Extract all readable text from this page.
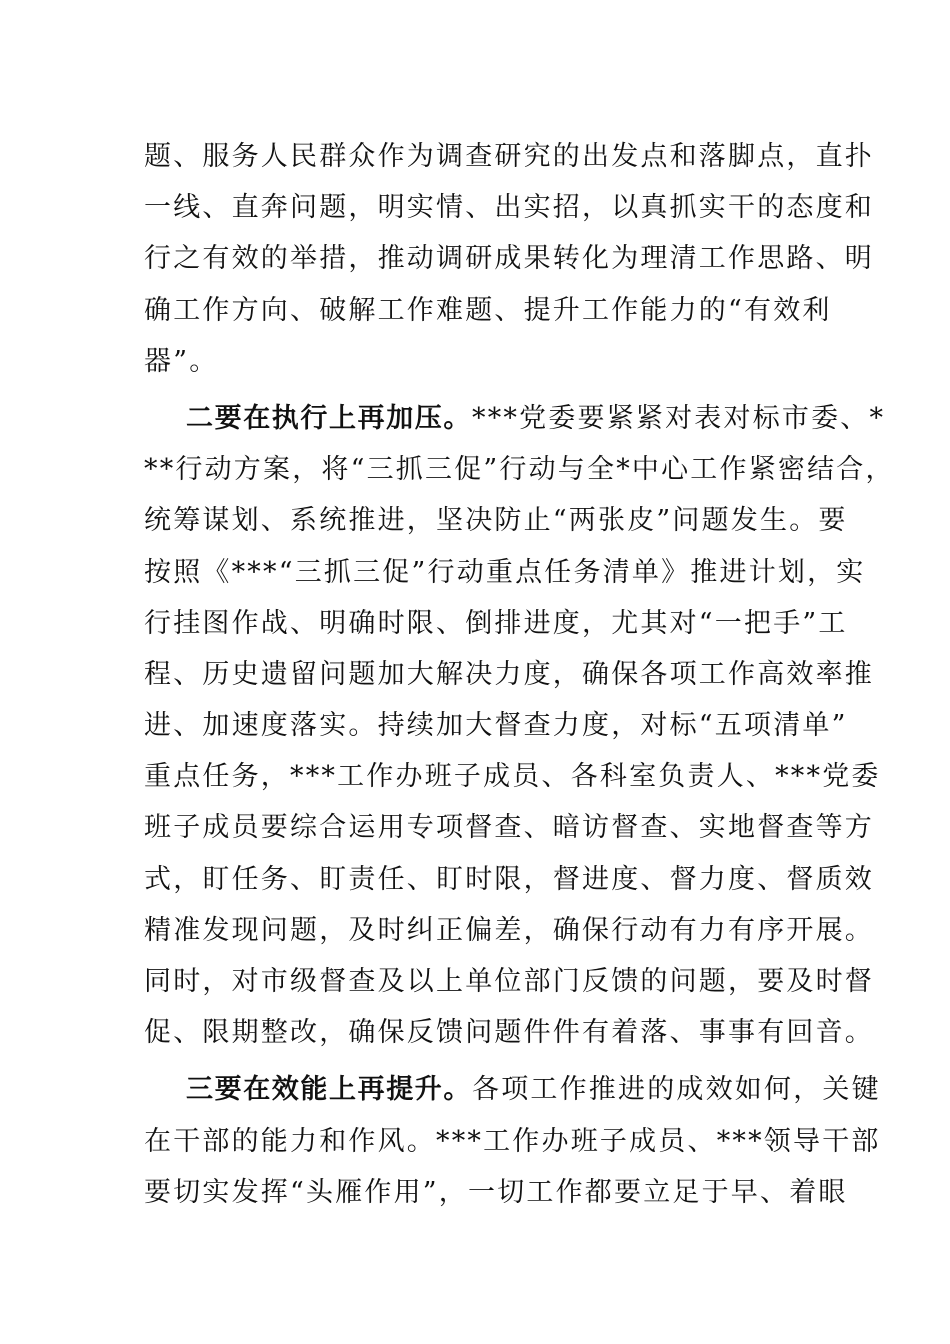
题、服务人民群众作为调查研究的出发点和落脚点，直扑
一线、直奔问题，明实情、出实招，以真抓实干的态度和
行之有效的举措，推动调研成果转化为理清工作思路、明
确工作方向、破解工作难题、提升工作能力的“有效利
器”。
二要在执行上再加压。***党委要紧紧对表对标市委、*
**行动方案，将“三抓三促”行动与全*中心工作紧密结合，
统筹谋划、系统推进，坚决防止“两张皮”问题发生。要
按照《***“三抓三促”行动重点任务清单》推进计划，实
行挂图作战、明确时限、倒排进度，尤其对“一把手”工
程、历史遗留问题加大解决力度，确保各项工作高效率推
进、加速度落实。持续加大督查力度，对标“五项清单”
重点任务，***工作办班子成员、各科室负责人、***党委
班子成员要综合运用专项督查、暗访督查、实地督查等方
式，盯任务、盯责任、盯时限，督进度、督力度、督质效
精准发现问题，及时纠正偏差，确保行动有力有序开展。
同时，对市级督查及以上单位部门反馈的问题，要及时督
促、限期整改，确保反馈问题件件有着落、事事有回音。
三要在效能上再提升。各项工作推进的成效如何，关键
在干部的能力和作风。***工作办班子成员、***领导干部
要切实发挥“头雁作用”，一切工作都要立足于早、着眼
